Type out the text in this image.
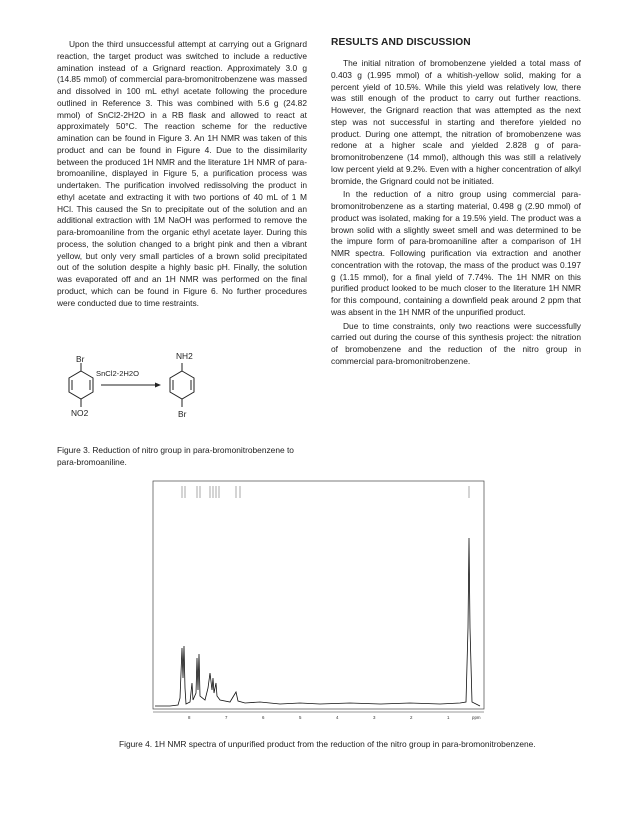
Upon the third unsuccessful attempt at carrying out a Grignard reaction, the target product was switched to include a reductive amination instead of a Grignard reaction. Approximately 3.0 g (14.85 mmol) of commercial para-bromonitrobenzene was massed and dissolved in 100 mL ethyl acetate following the procedure outlined in Reference 3. This was combined with 5.6 g (24.82 mmol) of SnCl2-2H2O in a RB flask and allowed to react at approximately 50°C. The reaction scheme for the reductive amination can be found in Figure 3. An 1H NMR was taken of this product and can be found in Figure 4. Due to the dissimilarity between the produced 1H NMR and the literature 1H NMR of para-bromoaniline, displayed in Figure 5, a purification process was undertaken. The purification involved redissolving the product in ethyl acetate and extracting it with two portions of 40 mL of 1 M HCl. This caused the Sn to precipitate out of the solution and an additional extraction with 1M NaOH was performed to remove the para-bromoaniline from the organic ethyl acetate layer. During this process, the solution changed to a bright pink and then a vibrant yellow, but only very small particles of a brown solid precipitated out of the solution despite a highly basic pH. Finally, the solution was evaporated off and an 1H NMR was performed on the final product, which can be found in Figure 6. No further procedures were conducted due to time restraints.

RESULTS AND DISCUSSION

The initial nitration of bromobenzene yielded a total mass of 0.403 g (1.995 mmol) of a whitish-yellow solid, making for a percent yield of 10.5%. While this yield was relatively low, there was still enough of the product to carry out further reactions. However, the Grignard reaction that was attempted as the next step was not successful in starting and therefore yielded no product. During one attempt, the nitration of bromobenzene was redone at a higher scale and yielded 2.828 g of para-bromonitrobenzene (14 mmol), although this was still a relatively low percent yield at 9.2%. Even with a higher concentration of alkyl bromide, the Grignard could not be initiated.

In the reduction of a nitro group using commercial para-bromonitrobenzene as a starting material, 0.498 g (2.90 mmol) of product was isolated, making for a 19.5% yield. The product was a brown solid with a slightly sweet smell and was determined to be the impure form of para-bromoaniline after a comparison of 1H NMR spectra. Following purification via extraction and another concentration with the rotovap, the mass of the product was 0.197 g (1.15 mmol), for a final yield of 7.74%. The 1H NMR on this purified product looked to be much closer to the literature 1H NMR for this compound, containing a downfield peak around 2 ppm that was absent in the 1H NMR of the unpurified product.

Due to time constraints, only two reactions were successfully carried out during the course of this synthesis project: the nitration of bromobenzene and the reduction of the nitro group in commercial para-bromonitrobenzene.

Br
NO2
SnCl2-2H2O
NH2
Br
Figure 3. Reduction of nitro group in para-bromonitrobenzene to para-bromoaniline.
8	7	6	5	4	3	2	1	ppm
Figure 4. 1H NMR spectra of unpurified product from the reduction of the nitro group in para-bromonitrobenzene.
